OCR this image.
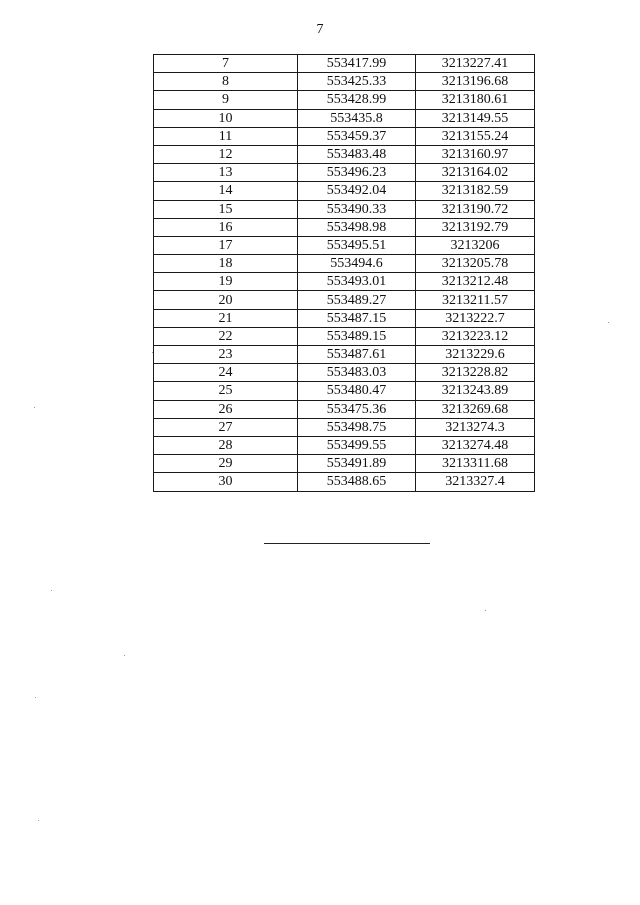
7
7	553417.99	3213227.41
8	553425.33	3213196.68
9	553428.99	3213180.61
10	553435.8	3213149.55
11	553459.37	3213155.24
12	553483.48	3213160.97
13	553496.23	3213164.02
14	553492.04	3213182.59
15	553490.33	3213190.72
16	553498.98	3213192.79
17	553495.51	3213206
18	553494.6	3213205.78
19	553493.01	3213212.48
20	553489.27	3213211.57
21	553487.15	3213222.7
22	553489.15	3213223.12
23	553487.61	3213229.6
24	553483.03	3213228.82
25	553480.47	3213243.89
26	553475.36	3213269.68
27	553498.75	3213274.3
28	553499.55	3213274.48
29	553491.89	3213311.68
30	553488.65	3213327.4
